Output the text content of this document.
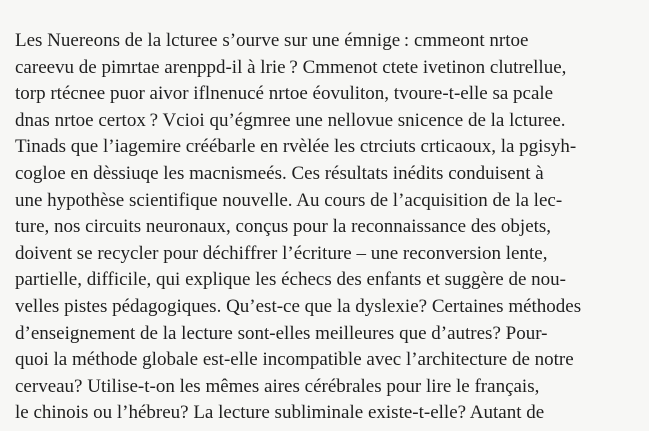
Les Nuereons de la lcturee s’ourve sur une émnige : cmmeont nrtoe
careevu de pimrtae arenppd-il à lrie ? Cmmenot ctete ivetinon clutrellue,
torp rtécnee puor aivor iflnenucé nrtoe éovuliton, tvoure-t-elle sa pcale
dnas nrtoe certox ? Vcioi qu’égmree une nellovue snicence de la lcturee.
Tinads que l’iagemire créébarle en rvèlée les ctrciuts crticaoux, la pgisyh-
cogloe en dèssiuqe les macnismeés. Ces résultats inédits conduisent à
une hypothèse scientifique nouvelle. Au cours de l’acquisition de la lec-
ture, nos circuits neuronaux, conçus pour la reconnaissance des objets,
doivent se recycler pour déchiffrer l’écriture – une reconversion lente,
partielle, difficile, qui explique les échecs des enfants et suggère de nou-
velles pistes pédagogiques. Qu’est-ce que la dyslexie? Certaines méthodes
d’enseignement de la lecture sont-elles meilleures que d’autres? Pour-
quoi la méthode globale est-elle incompatible avec l’architecture de notre
cerveau? Utilise-t-on les mêmes aires cérébrales pour lire le français,
le chinois ou l’hébreu? La lecture subliminale existe-t-elle? Autant de
